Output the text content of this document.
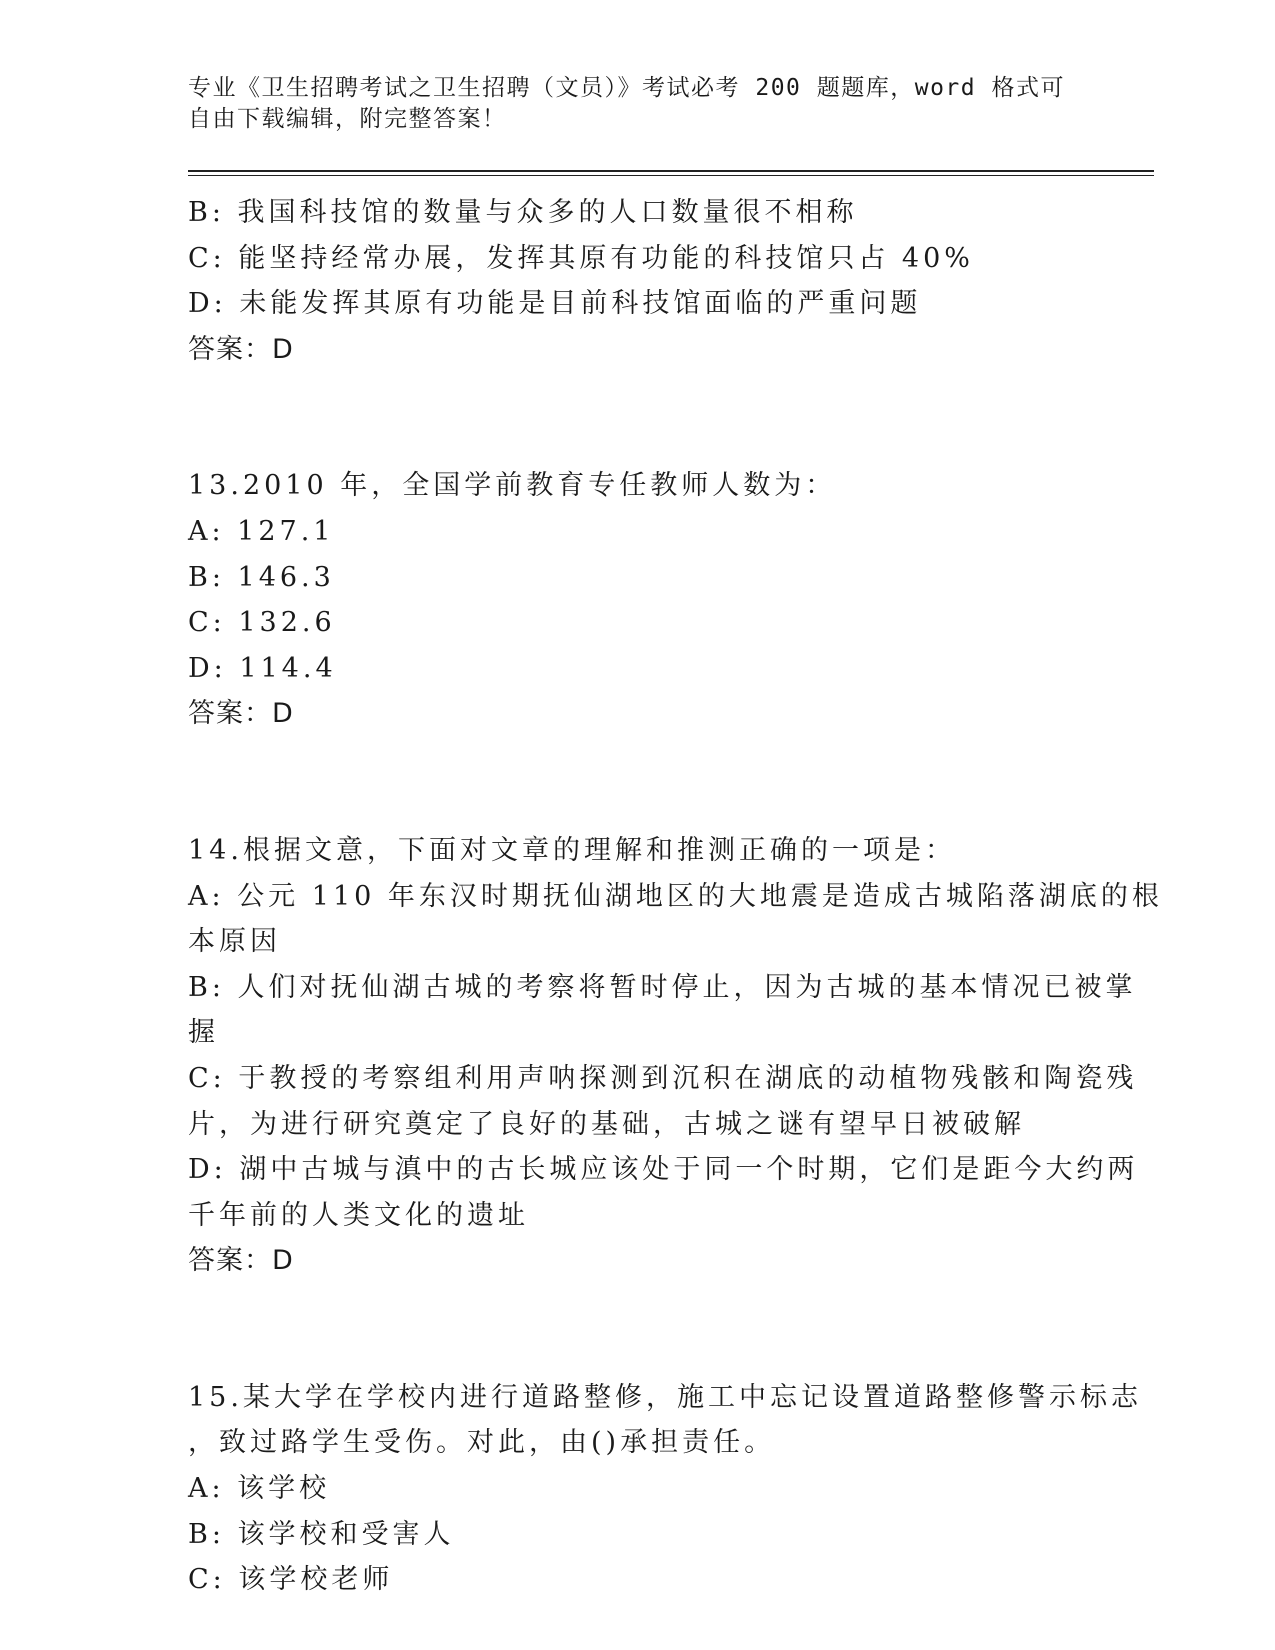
专业《卫生招聘考试之卫生招聘（文员）》考试必考 200 题题库，word 格式可自由下载编辑，附完整答案！
B: 我国科技馆的数量与众多的人口数量很不相称
C: 能坚持经常办展，发挥其原有功能的科技馆只占 40%
D: 未能发挥其原有功能是目前科技馆面临的严重问题
答案：D
13.2010 年，全国学前教育专任教师人数为：
A: 127.1
B: 146.3
C: 132.6
D: 114.4
答案：D
14.根据文意，下面对文章的理解和推测正确的一项是：
A: 公元 110 年东汉时期抚仙湖地区的大地震是造成古城陷落湖底的根
本原因
B: 人们对抚仙湖古城的考察将暂时停止，因为古城的基本情况已被掌
握
C: 于教授的考察组利用声呐探测到沉积在湖底的动植物残骸和陶瓷残
片，为进行研究奠定了良好的基础，古城之谜有望早日被破解
D: 湖中古城与滇中的古长城应该处于同一个时期，它们是距今大约两
千年前的人类文化的遗址
答案：D
15.某大学在学校内进行道路整修，施工中忘记设置道路整修警示标志
，致过路学生受伤。对此，由()承担责任。
A: 该学校
B: 该学校和受害人
C: 该学校老师
